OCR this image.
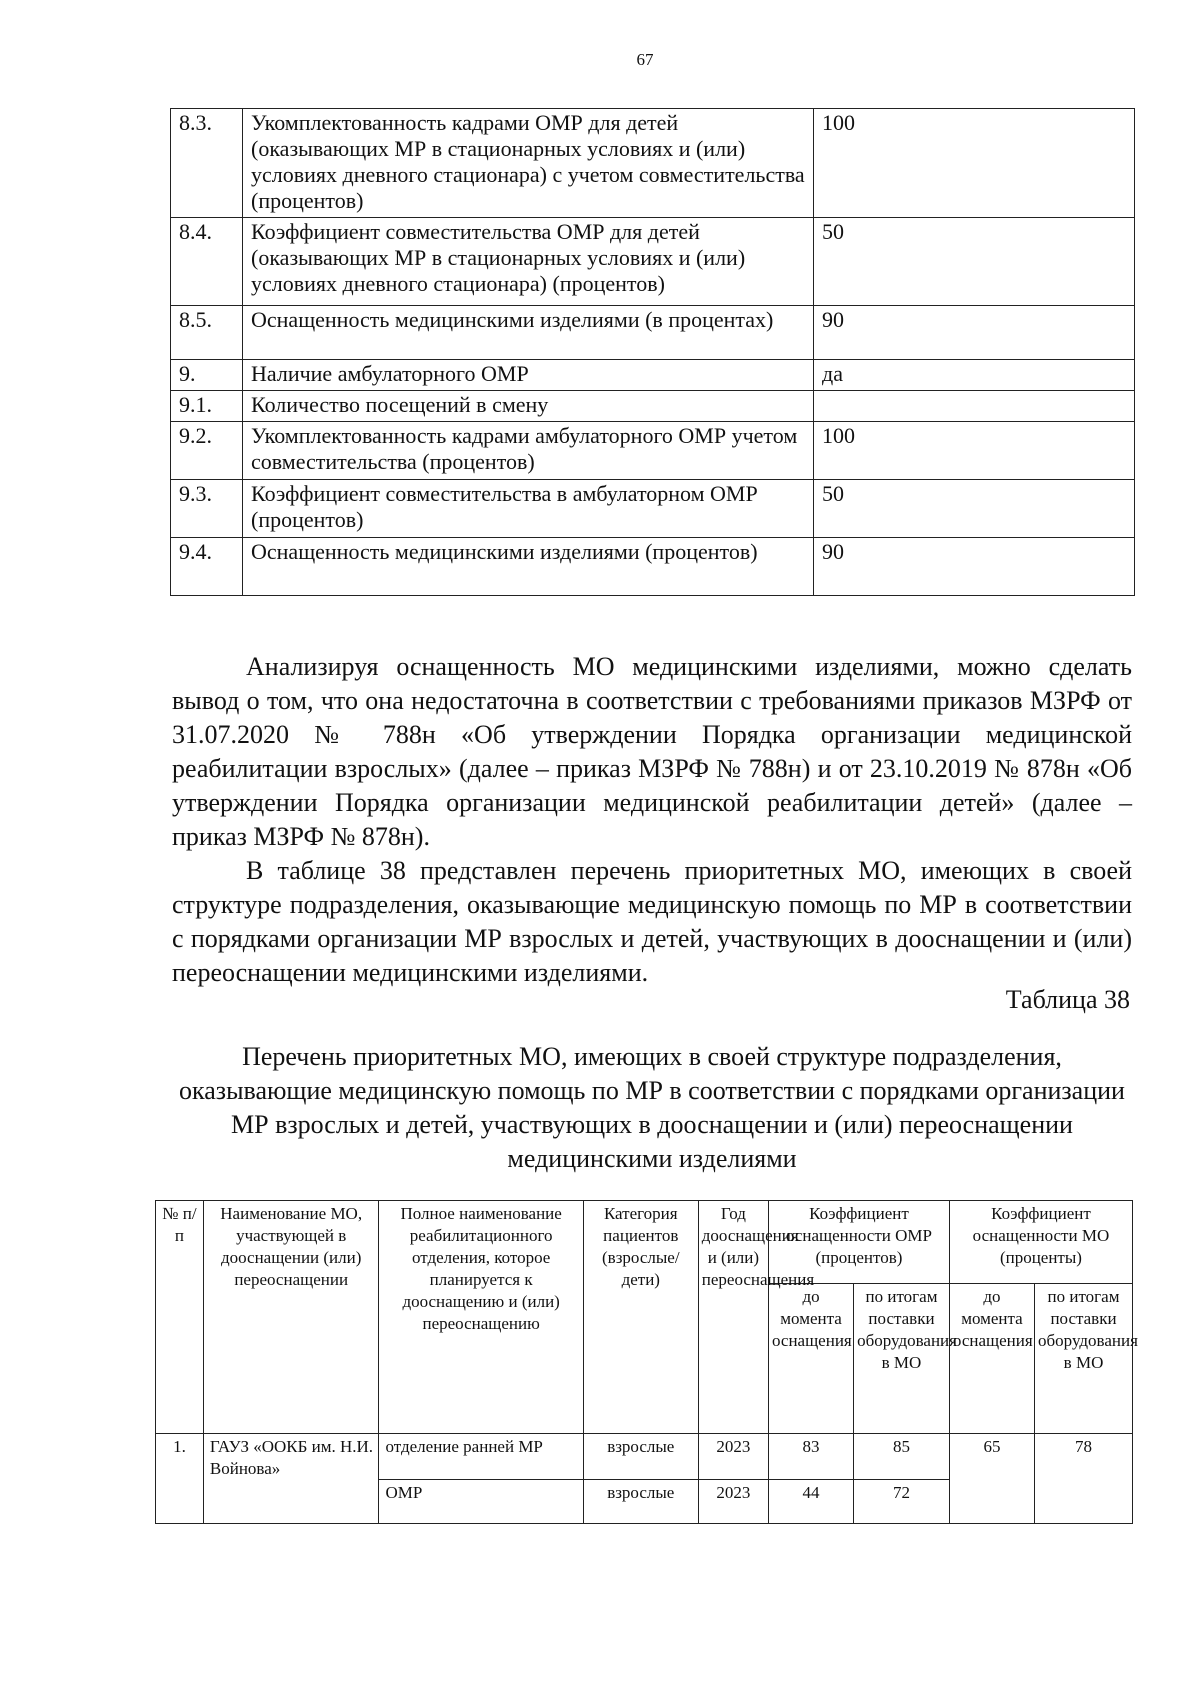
67
8.3.	Укомплектованность кадрами ОМР для детей (оказывающих МР в стационарных условиях и (или) условиях дневного стационара) с учетом совместительства (процентов)	100
8.4.	Коэффициент совместительства ОМР для детей (оказывающих МР в стационарных условиях и (или) условиях дневного стационара) (процентов)	50
8.5.	Оснащенность медицинскими изделиями (в процентах)	90
9.	Наличие амбулаторного ОМР	да
9.1.	Количество посещений в смену	
9.2.	Укомплектованность кадрами амбулаторного ОМР учетом совместительства (процентов)	100
9.3.	Коэффициент совместительства в амбулаторном ОМР (процентов)	50
9.4.	Оснащенность медицинскими изделиями (процентов)	90

Анализируя оснащенность МО медицинскими изделиями, можно сделать вывод о том, что она недостаточна в соответствии с требованиями приказов МЗРФ от 31.07.2020 № 788н «Об утверждении Порядка организации медицинской реабилитации взрослых» (далее – приказ МЗРФ № 788н) и от 23.10.2019 № 878н «Об утверждении Порядка организации медицинской реабилитации детей» (далее – приказ МЗРФ № 878н).

В таблице 38 представлен перечень приоритетных МО, имеющих в своей структуре подразделения, оказывающие медицинскую помощь по МР в соответствии с порядками организации МР взрослых и детей, участвующих в дооснащении и (или) переоснащении медицинскими изделиями.

Таблица 38
Перечень приоритетных МО, имеющих в своей структуре подразделения, оказывающие медицинскую помощь по МР в соответствии с порядками организации МР взрослых и детей, участвующих в дооснащении и (или) переоснащении медицинскими изделиями
№ п/п	Наименование МО, участвующей в дооснащении (или) переоснащении	Полное наименование реабилитационного отделения, которое планируется к дооснащению и (или) переоснащению	Категория пациентов (взрослые/ дети)	Год дооснащения и (или) переоснащения	Коэффициент оснащенности ОМР (процентов)		Коэффициент оснащенности МО (проценты)	
					до момента оснащения	по итогам поставки оборудования в МО	до момента оснащения	по итогам поставки оборудования в МО
1.	ГАУЗ «ООКБ им. Н.И. Войнова»	отделение ранней МР	взрослые	2023	83	85	65	78
		ОМР	взрослые	2023	44	72		
